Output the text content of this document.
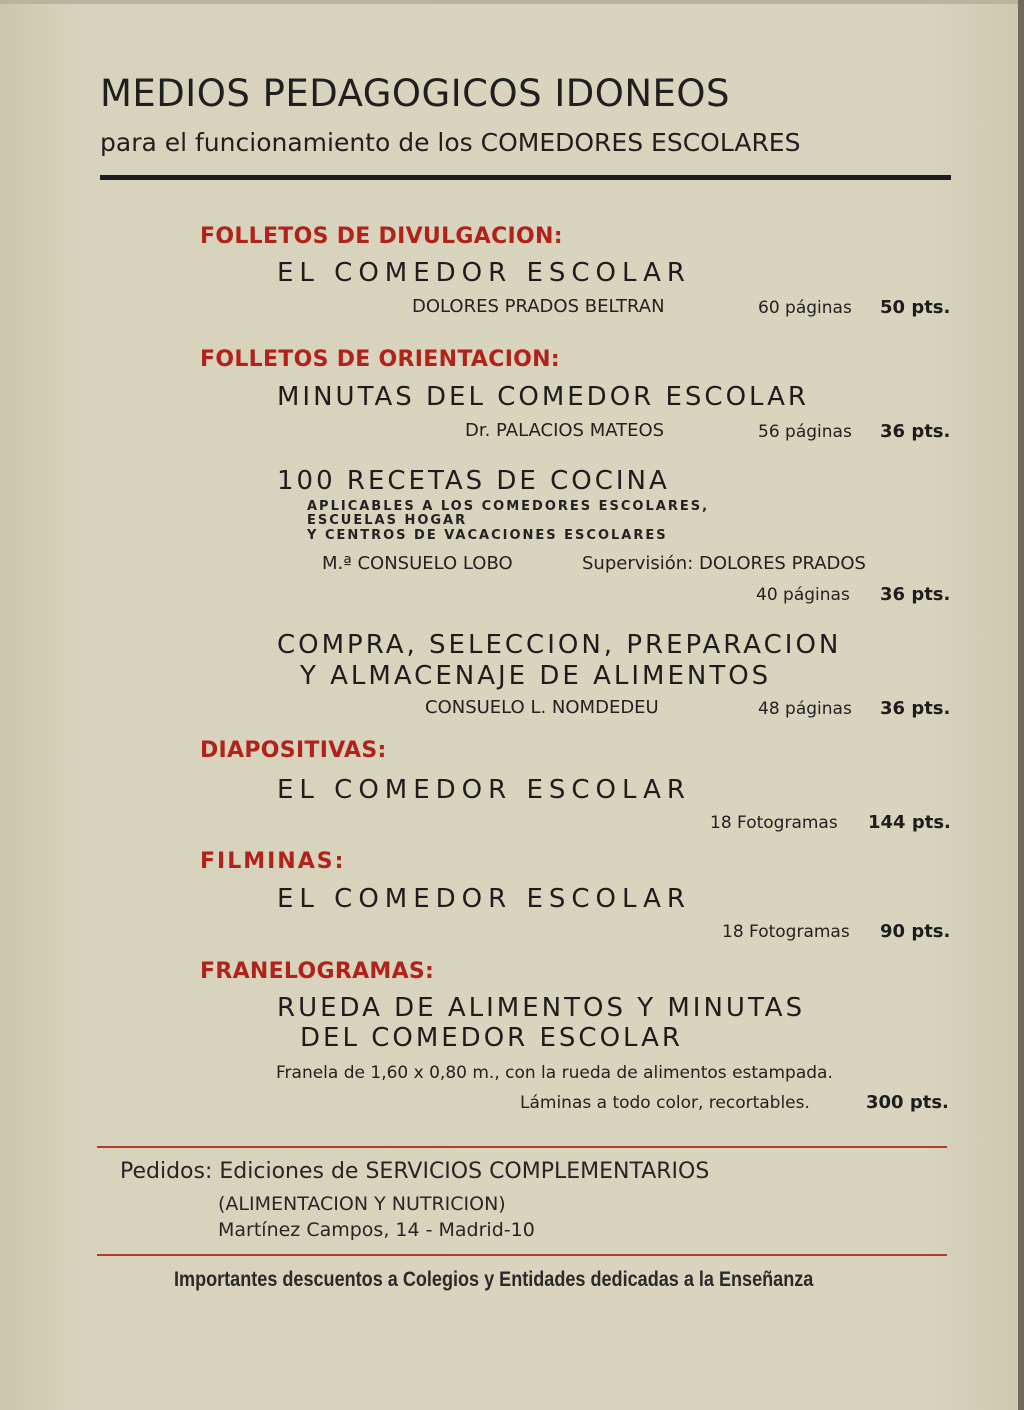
MEDIOS PEDAGOGICOS IDONEOS
para el funcionamiento de los COMEDORES ESCOLARES
FOLLETOS DE DIVULGACION:
EL COMEDOR ESCOLAR
DOLORES PRADOS BELTRAN	60 páginas 50 pts.
FOLLETOS DE ORIENTACION:
MINUTAS DEL COMEDOR ESCOLAR
Dr. PALACIOS MATEOS	56 páginas 36 pts.
100 RECETAS DE COCINA
APLICABLES A LOS COMEDORES ESCOLARES,
ESCUELAS HOGAR
Y CENTROS DE VACACIONES ESCOLARES
M.ª CONSUELO LOBO	Supervisión: DOLORES PRADOS
40 páginas 36 pts.
COMPRA, SELECCION, PREPARACION
Y ALMACENAJE DE ALIMENTOS
CONSUELO L. NOMDEDEU	48 páginas 36 pts.
DIAPOSITIVAS:
EL COMEDOR ESCOLAR
18 Fotogramas 144 pts.
FILMINAS:
EL COMEDOR ESCOLAR
18 Fotogramas 90 pts.
FRANELOGRAMAS:
RUEDA DE ALIMENTOS Y MINUTAS
DEL COMEDOR ESCOLAR
Franela de 1,60 x 0,80 m., con la rueda de alimentos estampada.
Láminas a todo color, recortables.	300 pts.
Pedidos: Ediciones de SERVICIOS COMPLEMENTARIOS
(ALIMENTACION Y NUTRICION)
Martínez Campos, 14 - Madrid-10
Importantes descuentos a Colegios y Entidades dedicadas a la Enseñanza
